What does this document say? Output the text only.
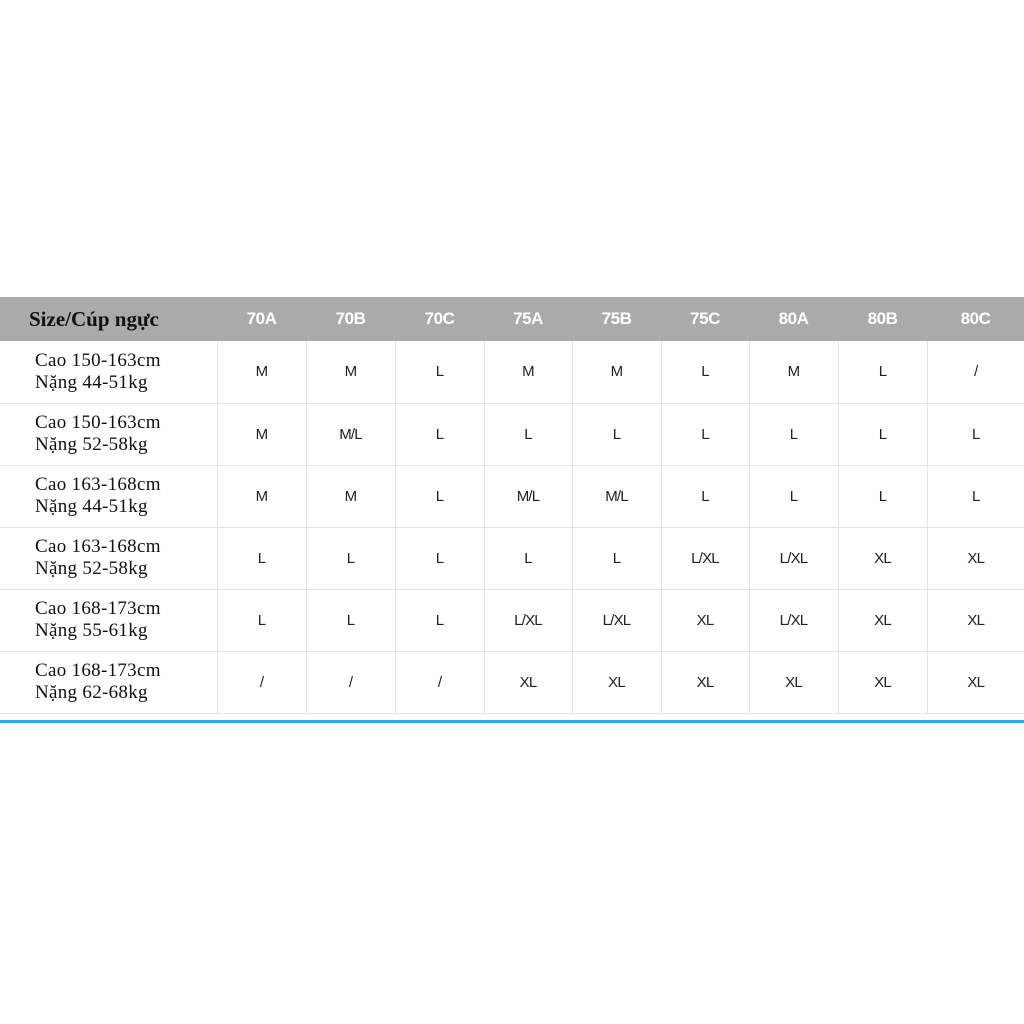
Size/Cúp ngực	70A	70B	70C	75A	75B	75C	80A	80B	80C

Cao 150-163cm
Nặng 44-51kg	M	M	L	M	M	L	M	L	/

Cao 150-163cm
Nặng 52-58kg	M	M/L	L	L	L	L	L	L	L

Cao 163-168cm
Nặng 44-51kg	M	M	L	M/L	M/L	L	L	L	L

Cao 163-168cm
Nặng 52-58kg	L	L	L	L	L	L/XL	L/XL	XL	XL

Cao 168-173cm
Nặng 55-61kg	L	L	L	L/XL	L/XL	XL	L/XL	XL	XL

Cao 168-173cm
Nặng 62-68kg	/	/	/	XL	XL	XL	XL	XL	XL
